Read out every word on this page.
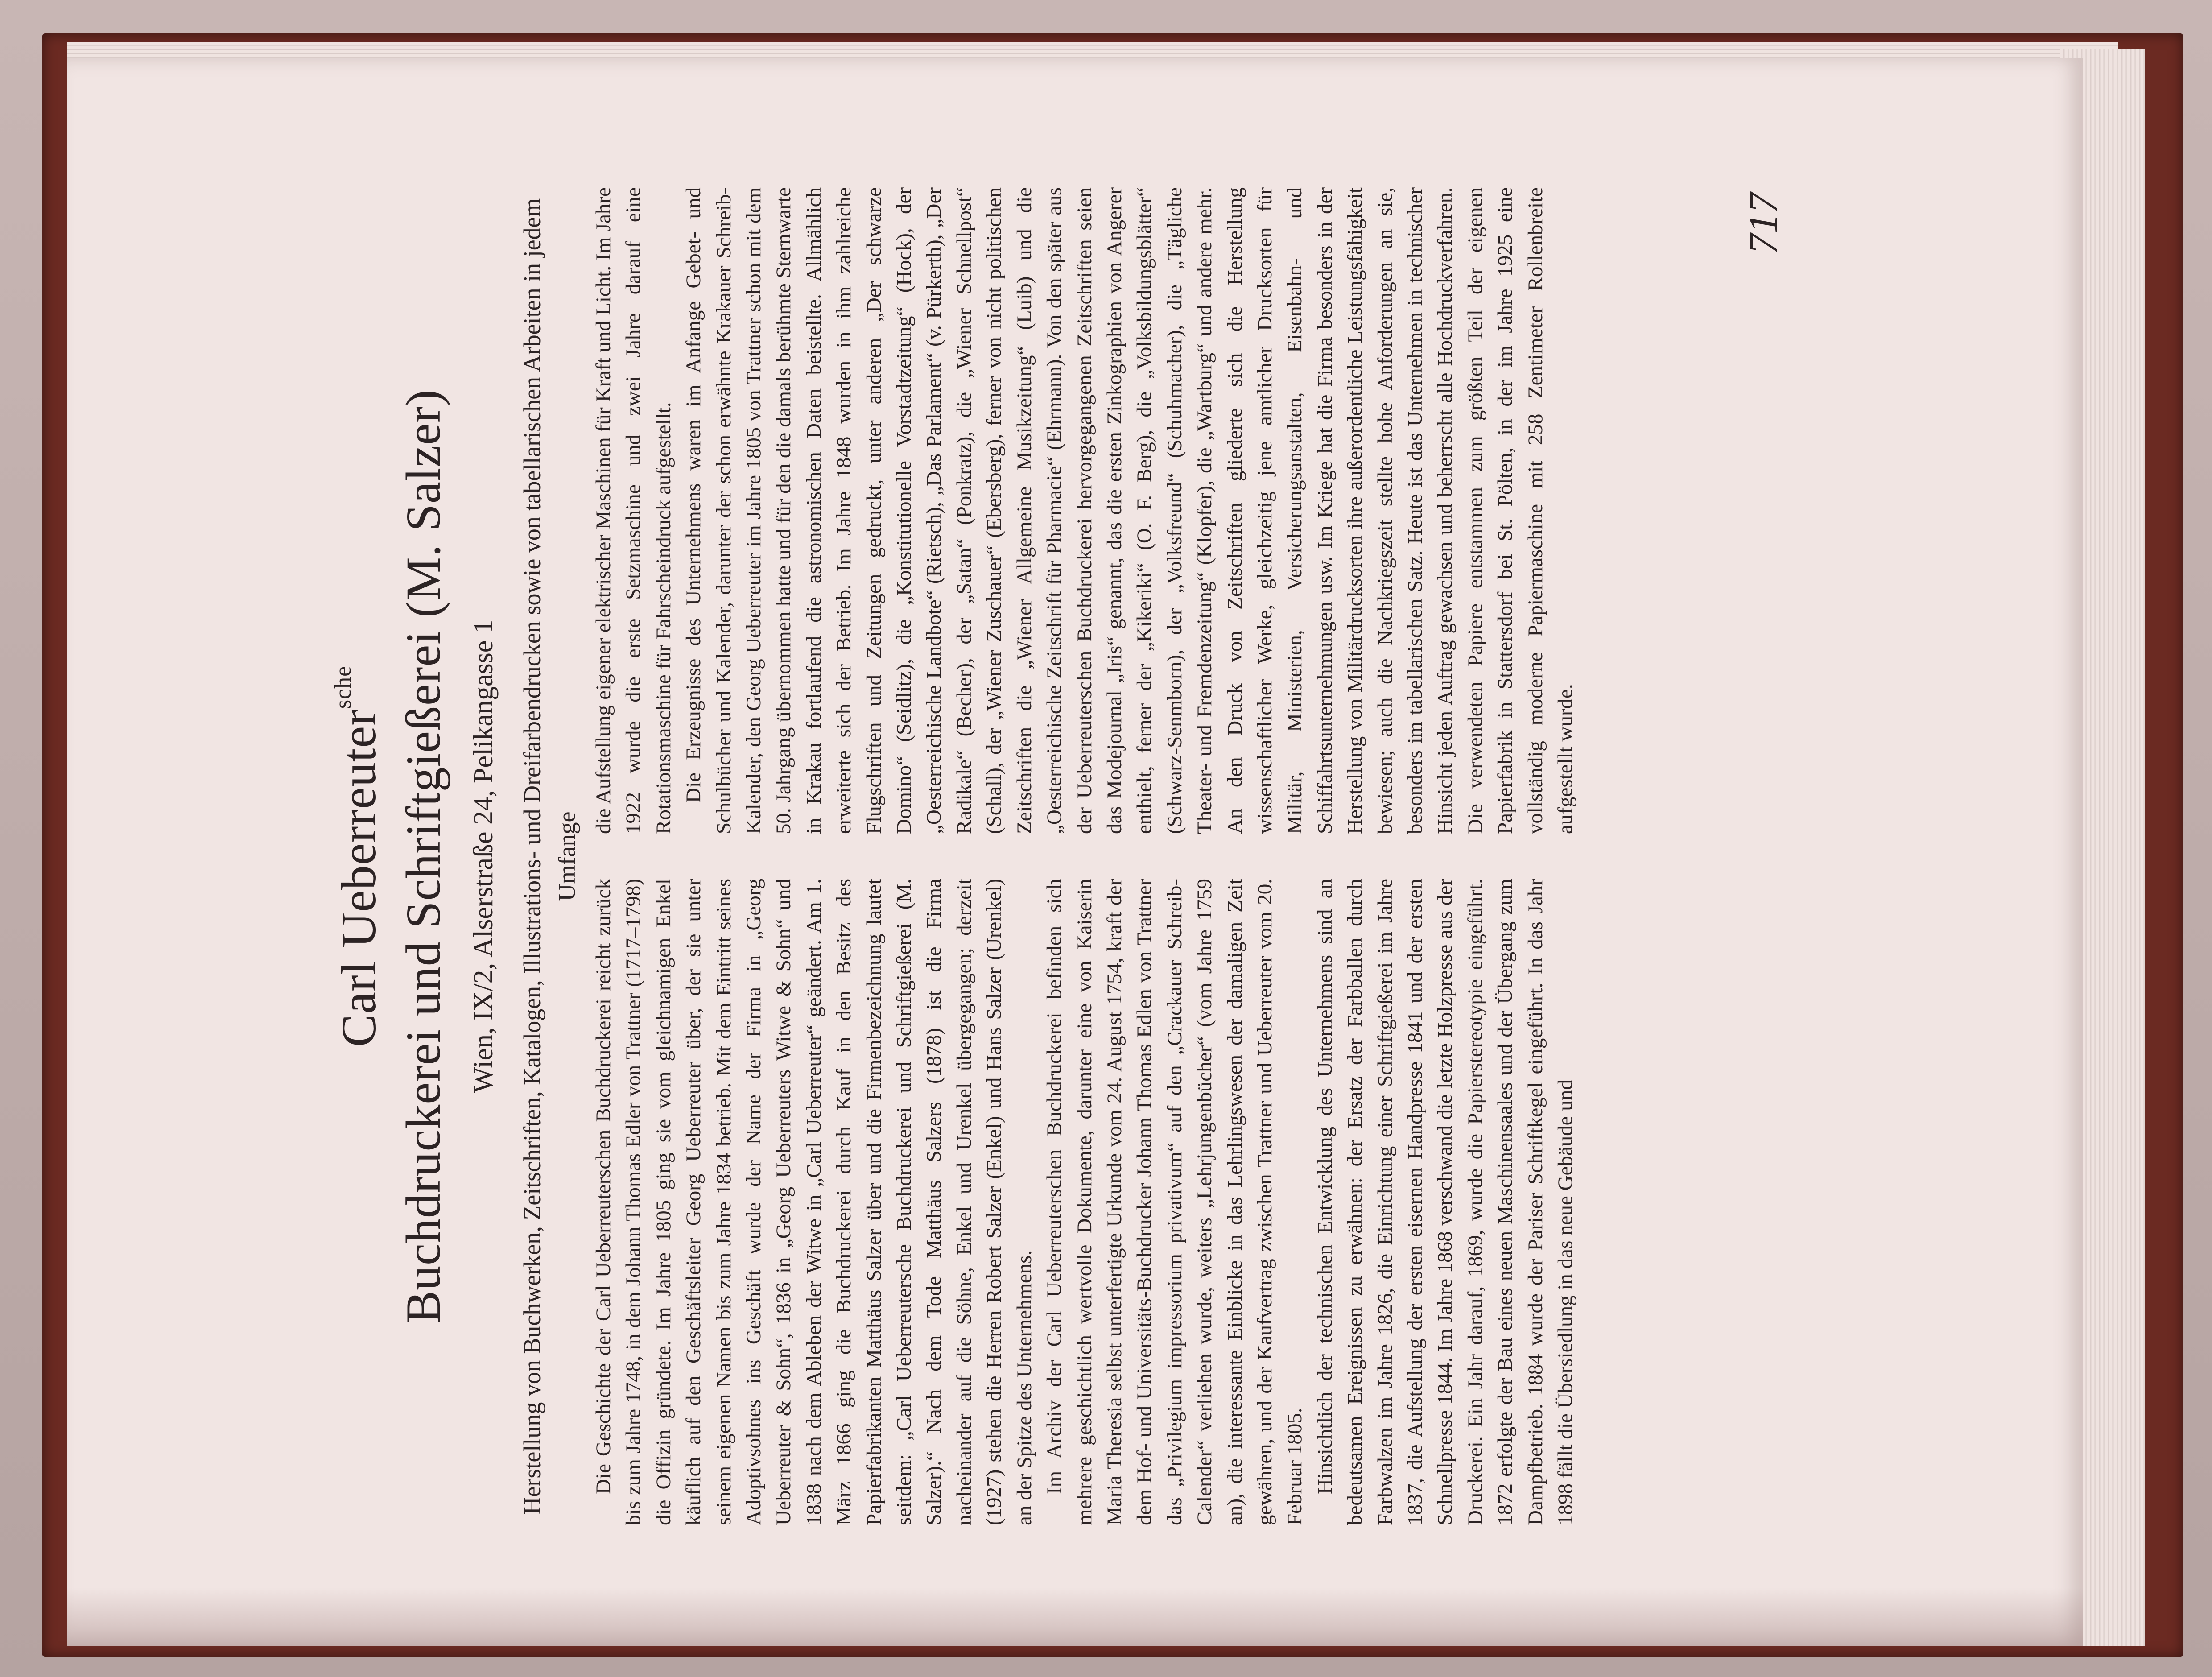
Carl Ueberreuter$^{sche}$ Buchdruckerei und Schriftgießerei (M. Salzer) Wien, IX/2, Alserstraße 24, Pelikangasse 1 Herstellung von Buchwerken, Zeitschriften, Katalogen, Illustrations- und Dreifarbendrucken sowie von tabellarischen Arbeiten in jedem Umfange

Die Geschichte der Carl Ueberreuterschen Buchdruckerei reicht zurück bis zum Jahre 1748, in dem Johann Thomas Edler von Trattner (1717–1798) die Offizin gründete. Im Jahre 1805 ging sie vom gleichnamigen Enkel käuflich auf den Geschäftsleiter Georg Ueberreuter über, der sie unter seinem eigenen Namen bis zum Jahre 1834 betrieb. Mit dem Eintritt seines Adoptivsohnes ins Geschäft wurde der Name der Firma in „Georg Ueberreuter & Sohn“, 1836 in „Georg Ueberreuters Witwe & Sohn“ und 1838 nach dem Ableben der Witwe in „Carl Ueberreuter“ geändert. Am 1. März 1866 ging die Buchdruckerei durch Kauf in den Besitz des Papierfabrikanten Matthäus Salzer über und die Firmenbezeichnung lautet seitdem: „Carl Ueberreutersche Buchdruckerei und Schriftgießerei (M. Salzer).“ Nach dem Tode Matthäus Salzers (1878) ist die Firma nacheinander auf die Söhne, Enkel und Urenkel übergegangen; derzeit (1927) stehen die Herren Robert Salzer (Enkel) und Hans Salzer (Urenkel) an der Spitze des Unternehmens. Im Archiv der Carl Ueberreuterschen Buchdruckerei befinden sich mehrere geschichtlich wertvolle Dokumente, darunter eine von Kaiserin Maria Theresia selbst unterfertigte Urkunde vom 24. August 1754, kraft der dem Hof- und Universitäts-Buchdrucker Johann Thomas Edlen von Trattner das „Privilegium impressorium privativum“ auf den „Crackauer Schreib-Calender“ verliehen wurde, weiters „Lehrjungenbücher“ (vom Jahre 1759 an), die interessante Einblicke in das Lehrlingswesen der damaligen Zeit gewähren, und der Kaufvertrag zwischen Trattner und Ueberreuter vom 20. Februar 1805. Hinsichtlich der technischen Entwicklung des Unternehmens sind an bedeutsamen Ereignissen zu erwähnen: der Ersatz der Farbballen durch Farbwalzen im Jahre 1826, die Einrichtung einer Schriftgießerei im Jahre 1837, die Aufstellung der ersten eisernen Handpresse 1841 und der ersten Schnellpresse 1844. Im Jahre 1868 verschwand die letzte Holzpresse aus der Druckerei. Ein Jahr darauf, 1869, wurde die Papierstereotypie eingeführt. 1872 erfolgte der Bau eines neuen Maschinensaales und der Übergang zum Dampfbetrieb. 1884 wurde der Pariser Schriftkegel eingeführt. In das Jahr 1898 fällt die Übersiedlung in das neue Gebäude und

die Aufstellung eigener elektrischer Maschinen für Kraft und Licht. Im Jahre 1922 wurde die erste Setzmaschine und zwei Jahre darauf eine Rotationsmaschine für Fahrscheindruck aufgestellt. Die Erzeugnisse des Unternehmens waren im Anfange Gebet- und Schulbücher und Kalender, darunter der schon erwähnte Krakauer Schreib-Kalender, den Georg Ueberreuter im Jahre 1805 von Trattner schon mit dem 50. Jahrgang übernommen hatte und für den die damals berühmte Sternwarte in Krakau fortlaufend die astronomischen Daten beistellte. Allmählich erweiterte sich der Betrieb. Im Jahre 1848 wurden in ihm zahlreiche Flugschriften und Zeitungen gedruckt, unter anderen „Der schwarze Domino“ (Seidlitz), die „Konstitutionelle Vorstadtzeitung“ (Hock), der „Oesterreichische Landbote“ (Rietsch), „Das Parlament“ (v. Pürkerth), „Der Radikale“ (Becher), der „Satan“ (Ponkratz), die „Wiener Schnellpost“ (Schall), der „Wiener Zuschauer“ (Ebersberg), ferner von nicht politischen Zeitschriften die „Wiener Allgemeine Musikzeitung“ (Luib) und die „Oesterreichische Zeitschrift für Pharmacie“ (Ehrmann). Von den später aus der Ueberreuterschen Buchdruckerei hervorgegangenen Zeitschriften seien das Modejournal „Iris“ genannt, das die ersten Zinkographien von Angerer enthielt, ferner der „Kikeriki“ (O. F. Berg), die „Volksbildungsblätter“ (Schwarz-Senmborn), der „Volksfreund“ (Schuhmacher), die „Tägliche Theater- und Fremdenzeitung“ (Klopfer), die „Wartburg“ und andere mehr. An den Druck von Zeitschriften gliederte sich die Herstellung wissenschaftlicher Werke, gleichzeitig jene amtlicher Drucksorten für Militär, Ministerien, Versicherungsanstalten, Eisenbahn- und Schiffahrtsunternehmungen usw. Im Kriege hat die Firma besonders in der Herstellung von Militärdrucksorten ihre außerordentliche Leistungsfähigkeit bewiesen; auch die Nachkriegszeit stellte hohe Anforderungen an sie, besonders im tabellarischen Satz. Heute ist das Unternehmen in technischer Hinsicht jeden Auftrag gewachsen und beherrscht alle Hochdruckverfahren. Die verwendeten Papiere entstammen zum größten Teil der eigenen Papierfabrik in Stattersdorf bei St. Pölten, in der im Jahre 1925 eine vollständig moderne Papiermaschine mit 258 Zentimeter Rollenbreite aufgestellt wurde.

717
